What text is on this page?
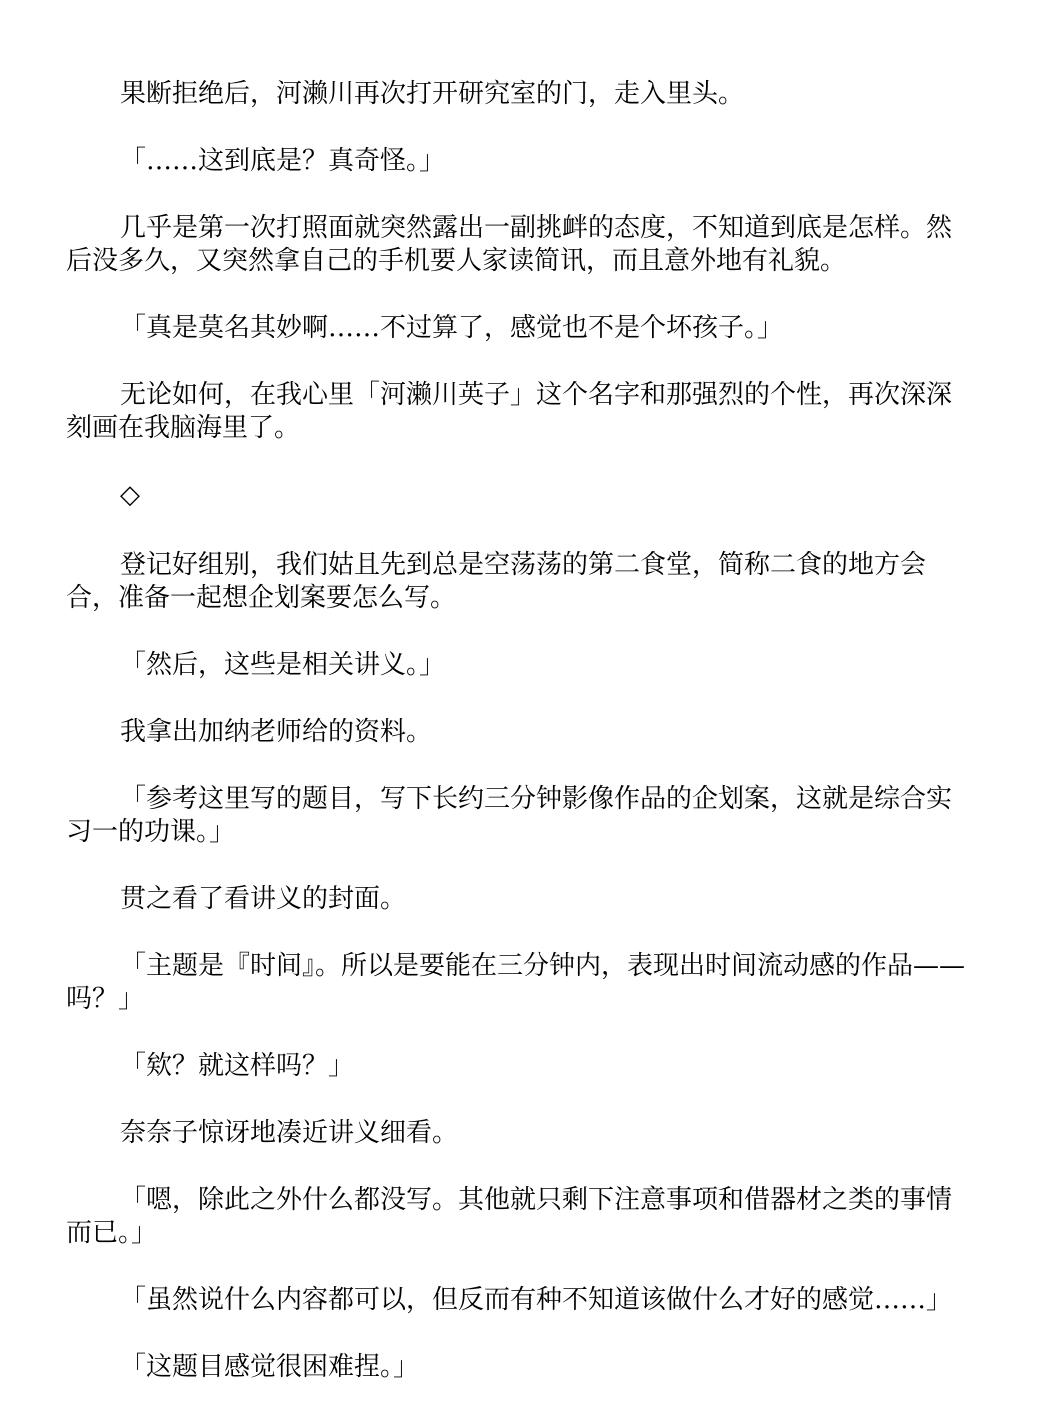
果断拒绝后，河濑川再次打开研究室的门，走入里头。

「……这到底是？真奇怪。」

几乎是第一次打照面就突然露出一副挑衅的态度，不知道到底是怎样。然后没多久，又突然拿自己的手机要人家读简讯，而且意外地有礼貌。

「真是莫名其妙啊……不过算了，感觉也不是个坏孩子。」

无论如何，在我心里「河濑川英子」这个名字和那强烈的个性，再次深深刻画在我脑海里了。

◇

登记好组别，我们姑且先到总是空荡荡的第二食堂，简称二食的地方会合，准备一起想企划案要怎么写。

「然后，这些是相关讲义。」

我拿出加纳老师给的资料。

「参考这里写的题目，写下长约三分钟影像作品的企划案，这就是综合实习一的功课。」

贯之看了看讲义的封面。

「主题是『时间』。所以是要能在三分钟内，表现出时间流动感的作品——吗？」

「欸？就这样吗？」

奈奈子惊讶地凑近讲义细看。

「嗯，除此之外什么都没写。其他就只剩下注意事项和借器材之类的事情而已。」

「虽然说什么内容都可以，但反而有种不知道该做什么才好的感觉……」

「这题目感觉很困难捏。」
